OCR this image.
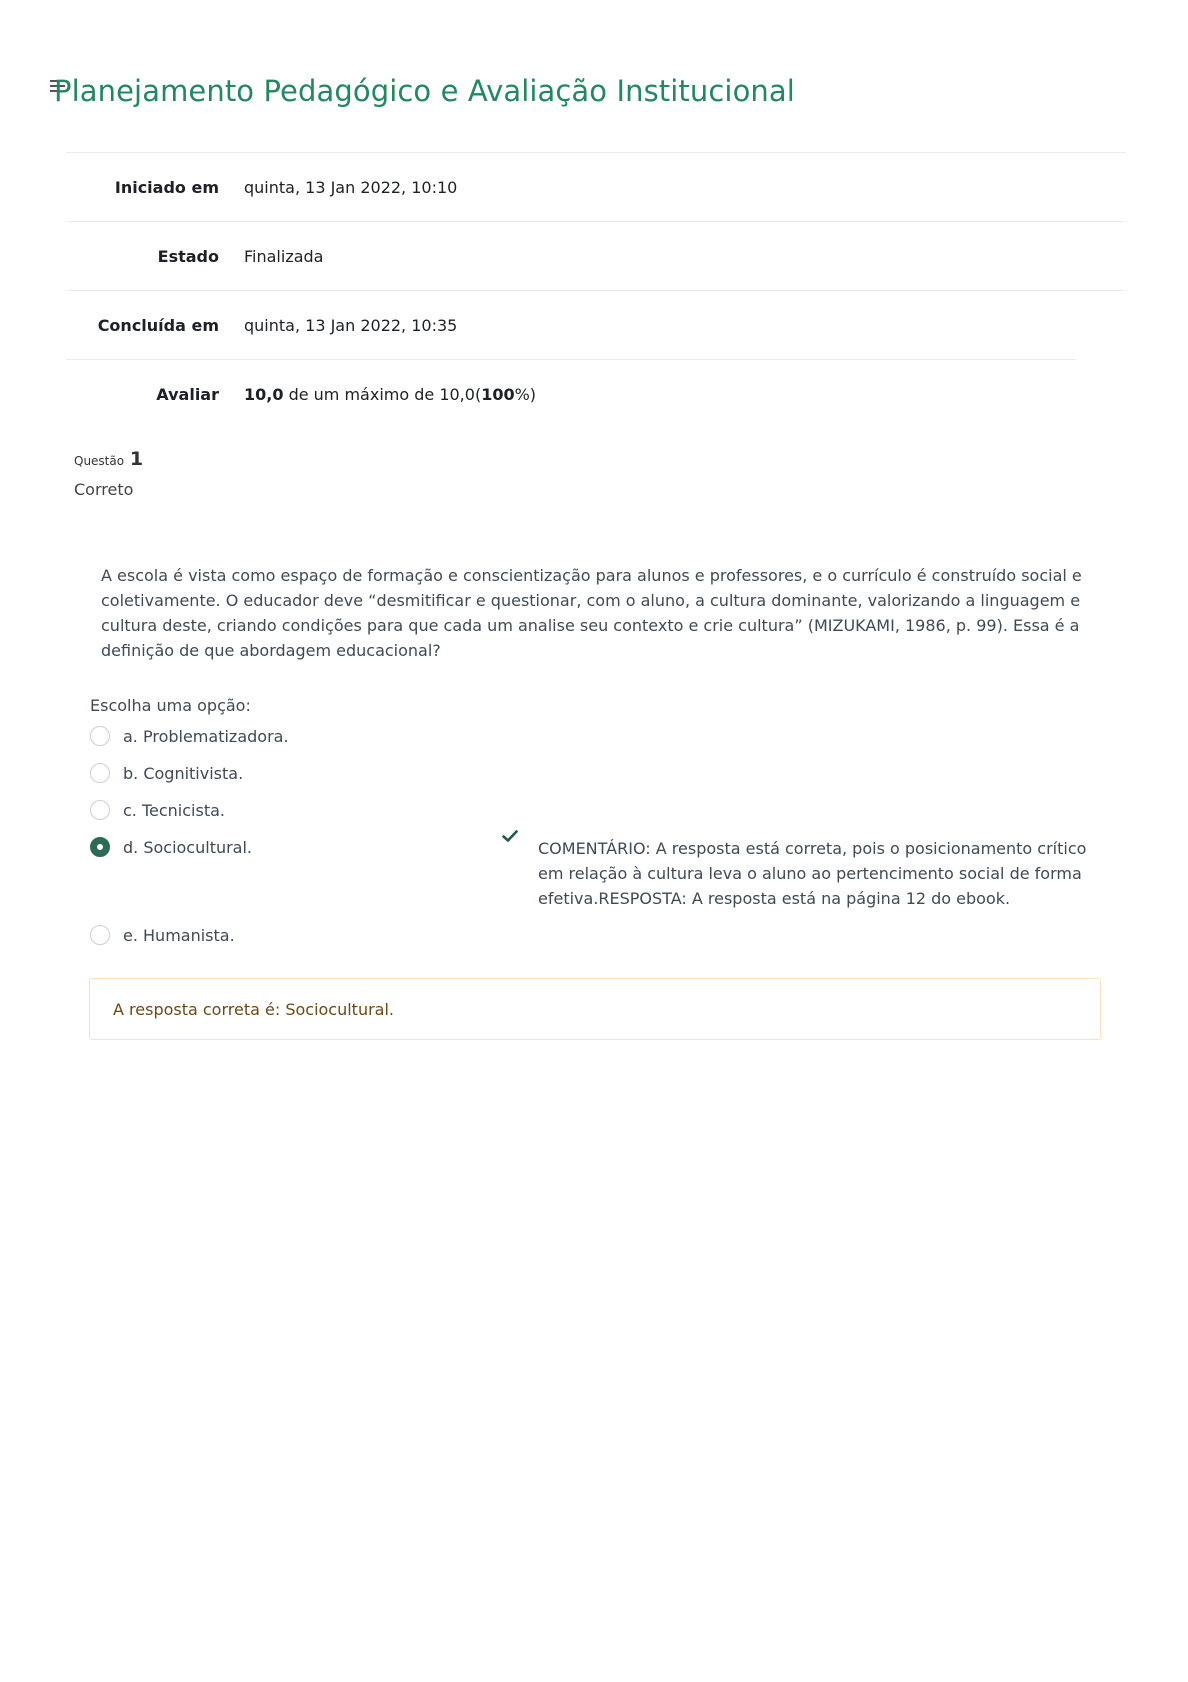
Planejamento Pedagógico e Avaliação Institucional
Iniciado em quinta, 13 Jan 2022, 10:10
Estado Finalizada
Concluída em quinta, 13 Jan 2022, 10:35
Avaliar 10,0 de um máximo de 10,0(100%)
Questão 1
Correto

A escola é vista como espaço de formação e conscientização para alunos e professores, e o currículo é construído social e coletivamente. O educador deve “desmitificar e questionar, com o aluno, a cultura dominante, valorizando a linguagem e cultura deste, criando condições para que cada um analise seu contexto e crie cultura” (MIZUKAMI, 1986, p. 99). Essa é a definição de que abordagem educacional?

Escolha uma opção:
a. Problematizadora.
b. Cognitivista.
c. Tecnicista.
d. Sociocultural.
e. Humanista.

COMENTÁRIO: A resposta está correta, pois o posicionamento crítico em relação à cultura leva o aluno ao pertencimento social de forma efetiva.RESPOSTA: A resposta está na página 12 do ebook.

A resposta correta é: Sociocultural.
